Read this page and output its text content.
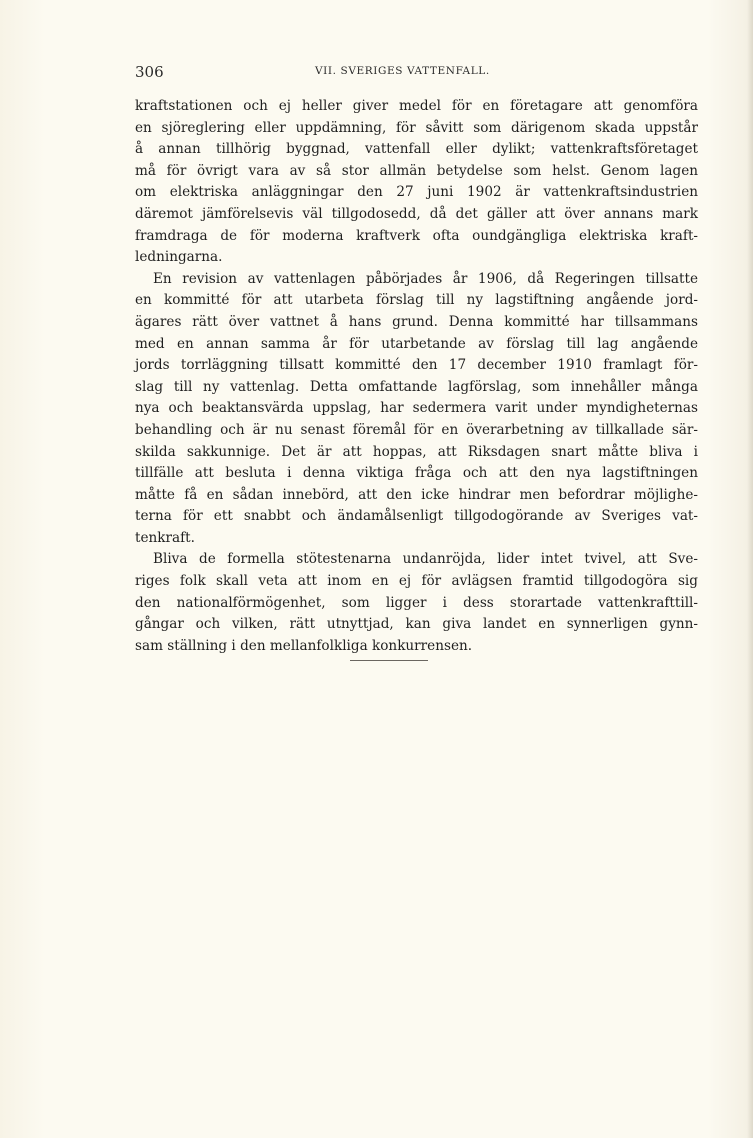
306	VII. SVERIGES VATTENFALL.
kraftstationen och ej heller giver medel för en företagare att genomföra
en sjöreglering eller uppdämning, för såvitt som därigenom skada uppstår
å annan tillhörig byggnad, vattenfall eller dylikt; vattenkraftsföretaget
må för övrigt vara av så stor allmän betydelse som helst. Genom lagen
om elektriska anläggningar den 27 juni 1902 är vattenkraftsindustrien
däremot jämförelsevis väl tillgodosedd, då det gäller att över annans mark
framdraga de för moderna kraftverk ofta oundgängliga elektriska kraft-
ledningarna.
En revision av vattenlagen påbörjades år 1906, då Regeringen tillsatte
en kommitté för att utarbeta förslag till ny lagstiftning angående jord-
ägares rätt över vattnet å hans grund. Denna kommitté har tillsammans
med en annan samma år för utarbetande av förslag till lag angående
jords torrläggning tillsatt kommitté den 17 december 1910 framlagt för-
slag till ny vattenlag. Detta omfattande lagförslag, som innehåller många
nya och beaktansvärda uppslag, har sedermera varit under myndigheternas
behandling och är nu senast föremål för en överarbetning av tillkallade sär-
skilda sakkunnige. Det är att hoppas, att Riksdagen snart måtte bliva i
tillfälle att besluta i denna viktiga fråga och att den nya lagstiftningen
måtte få en sådan innebörd, att den icke hindrar men befordrar möjlighe-
terna för ett snabbt och ändamålsenligt tillgodogörande av Sveriges vat-
tenkraft.
Bliva de formella stötestenarna undanröjda, lider intet tvivel, att Sve-
riges folk skall veta att inom en ej för avlägsen framtid tillgodogöra sig
den nationalförmögenhet, som ligger i dess storartade vattenkrafttill-
gångar och vilken, rätt utnyttjad, kan giva landet en synnerligen gynn-
sam ställning i den mellanfolkliga konkurrensen.
